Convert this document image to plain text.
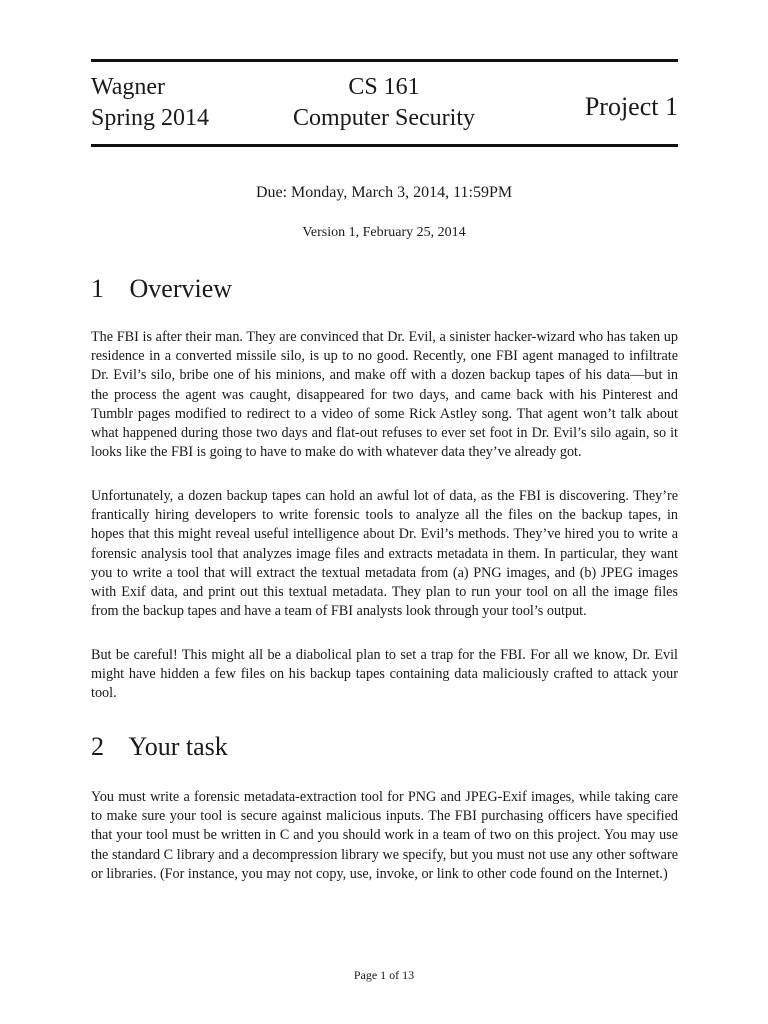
Wagner
Spring 2014
CS 161
Computer Security	Project 1
Due: Monday, March 3, 2014, 11:59PM
Version 1, February 25, 2014
1 Overview

The FBI is after their man. They are convinced that Dr. Evil, a sinister hacker-wizard who has taken up residence in a converted missile silo, is up to no good. Recently, one FBI agent managed to infiltrate Dr. Evil’s silo, bribe one of his minions, and make off with a dozen backup tapes of his data—but in the process the agent was caught, disappeared for two days, and came back with his Pinterest and Tumblr pages modified to redirect to a video of some Rick Astley song. That agent won’t talk about what happened during those two days and flat-out refuses to ever set foot in Dr. Evil’s silo again, so it looks like the FBI is going to have to make do with whatever data they’ve already got.

Unfortunately, a dozen backup tapes can hold an awful lot of data, as the FBI is discovering. They’re frantically hiring developers to write forensic tools to analyze all the files on the backup tapes, in hopes that this might reveal useful intelligence about Dr. Evil’s methods. They’ve hired you to write a forensic analysis tool that analyzes image files and extracts metadata in them. In particular, they want you to write a tool that will extract the textual metadata from (a) PNG images, and (b) JPEG images with Exif data, and print out this textual metadata. They plan to run your tool on all the image files from the backup tapes and have a team of FBI analysts look through your tool’s output.

But be careful! This might all be a diabolical plan to set a trap for the FBI. For all we know, Dr. Evil might have hidden a few files on his backup tapes containing data maliciously crafted to attack your tool.

2 Your task

You must write a forensic metadata-extraction tool for PNG and JPEG-Exif images, while taking care to make sure your tool is secure against malicious inputs. The FBI purchasing officers have specified that your tool must be written in C and you should work in a team of two on this project. You may use the standard C library and a decompression library we specify, but you must not use any other software or libraries. (For instance, you may not copy, use, invoke, or link to other code found on the Internet.)

Page 1 of 13
